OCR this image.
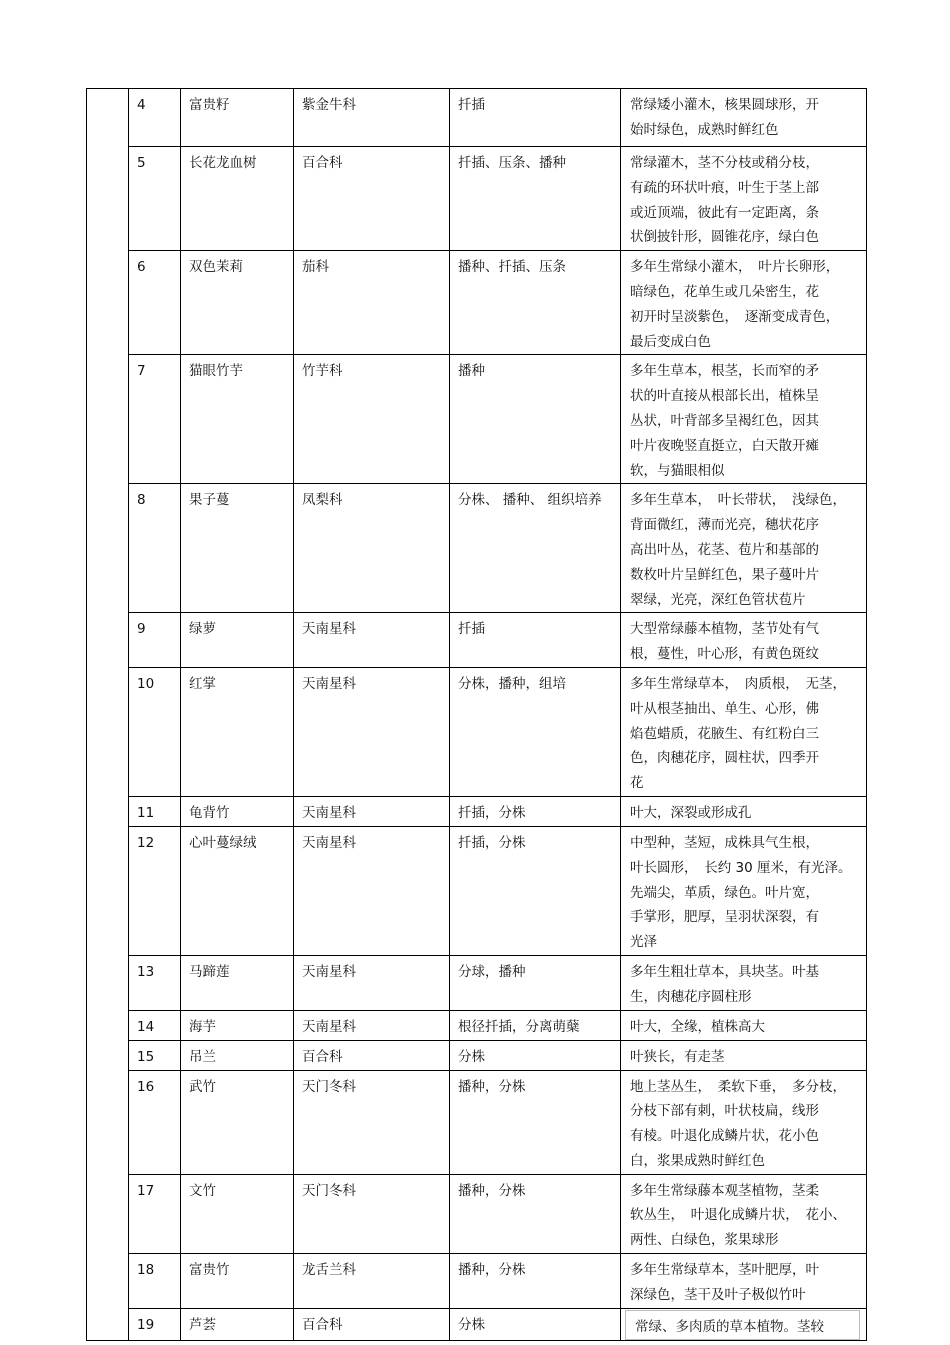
	4	富贵籽	紫金牛科	扦插	常绿矮小灌木，核果圆球形，开
始时绿色，成熟时鲜红色

	5	长花龙血树	百合科	扦插、压条、播种	常绿灌木，茎不分枝或稍分枝，
有疏的环状叶痕，叶生于茎上部
或近顶端，彼此有一定距离，条
状倒披针形，圆锥花序，绿白色

	6	双色茉莉	茄科	播种、扦插、压条	多年生常绿小灌木，　叶片长卵形，
暗绿色，花单生或几朵密生，花
初开时呈淡紫色，　逐渐变成青色，
最后变成白色

	7	猫眼竹芋	竹芋科	播种	多年生草本，根茎，长而窄的矛
状的叶直接从根部长出，植株呈
丛状，叶背部多呈褐红色，因其
叶片夜晚竖直挺立，白天散开瘫
软，与猫眼相似

	8	果子蔓	凤梨科	分株、 播种、 组织培养	多年生草本，　叶长带状，　浅绿色，
背面微红，薄而光亮，穗状花序
高出叶丛，花茎、苞片和基部的
数枚叶片呈鲜红色，果子蔓叶片
翠绿，光亮，深红色管状苞片

	9	绿萝	天南星科	扦插	大型常绿藤本植物，茎节处有气
根，蔓性，叶心形，有黄色斑纹

	10	红掌	天南星科	分株，播种，组培	多年生常绿草本，　肉质根，　无茎，
叶从根茎抽出、单生、心形，佛
焰苞蜡质，花腋生、有红粉白三
色，肉穗花序，圆柱状，四季开
花

	11	龟背竹	天南星科	扦插，分株	叶大，深裂或形成孔

	12	心叶蔓绿绒	天南星科	扦插，分株	中型种，茎短，成株具气生根，
叶长圆形，　长约 30 厘米，有光泽。
先端尖，革质，绿色。叶片宽，
手掌形，肥厚，呈羽状深裂，有
光泽

	13	马蹄莲	天南星科	分球，播种	多年生粗壮草本，具块茎。叶基
生，肉穗花序圆柱形

	14	海芋	天南星科	根径扦插，分离萌蘖	叶大，全缘，植株高大

	15	吊兰	百合科	分株	叶狭长，有走茎

	16	武竹	天门冬科	播种，分株	地上茎丛生，　柔软下垂，　多分枝，
分枝下部有刺，叶状枝扁，线形
有棱。叶退化成鳞片状，花小色
白，浆果成熟时鲜红色

	17	文竹	天门冬科	播种，分株	多年生常绿藤本观茎植物，茎柔
软丛生，　叶退化成鳞片状，　花小、
两性、白绿色，浆果球形

	18	富贵竹	龙舌兰科	播种，分株	多年生常绿草本，茎叶肥厚，叶
深绿色，茎干及叶子极似竹叶

	19	芦荟	百合科	分株	常绿、多肉质的草本植物。茎较
